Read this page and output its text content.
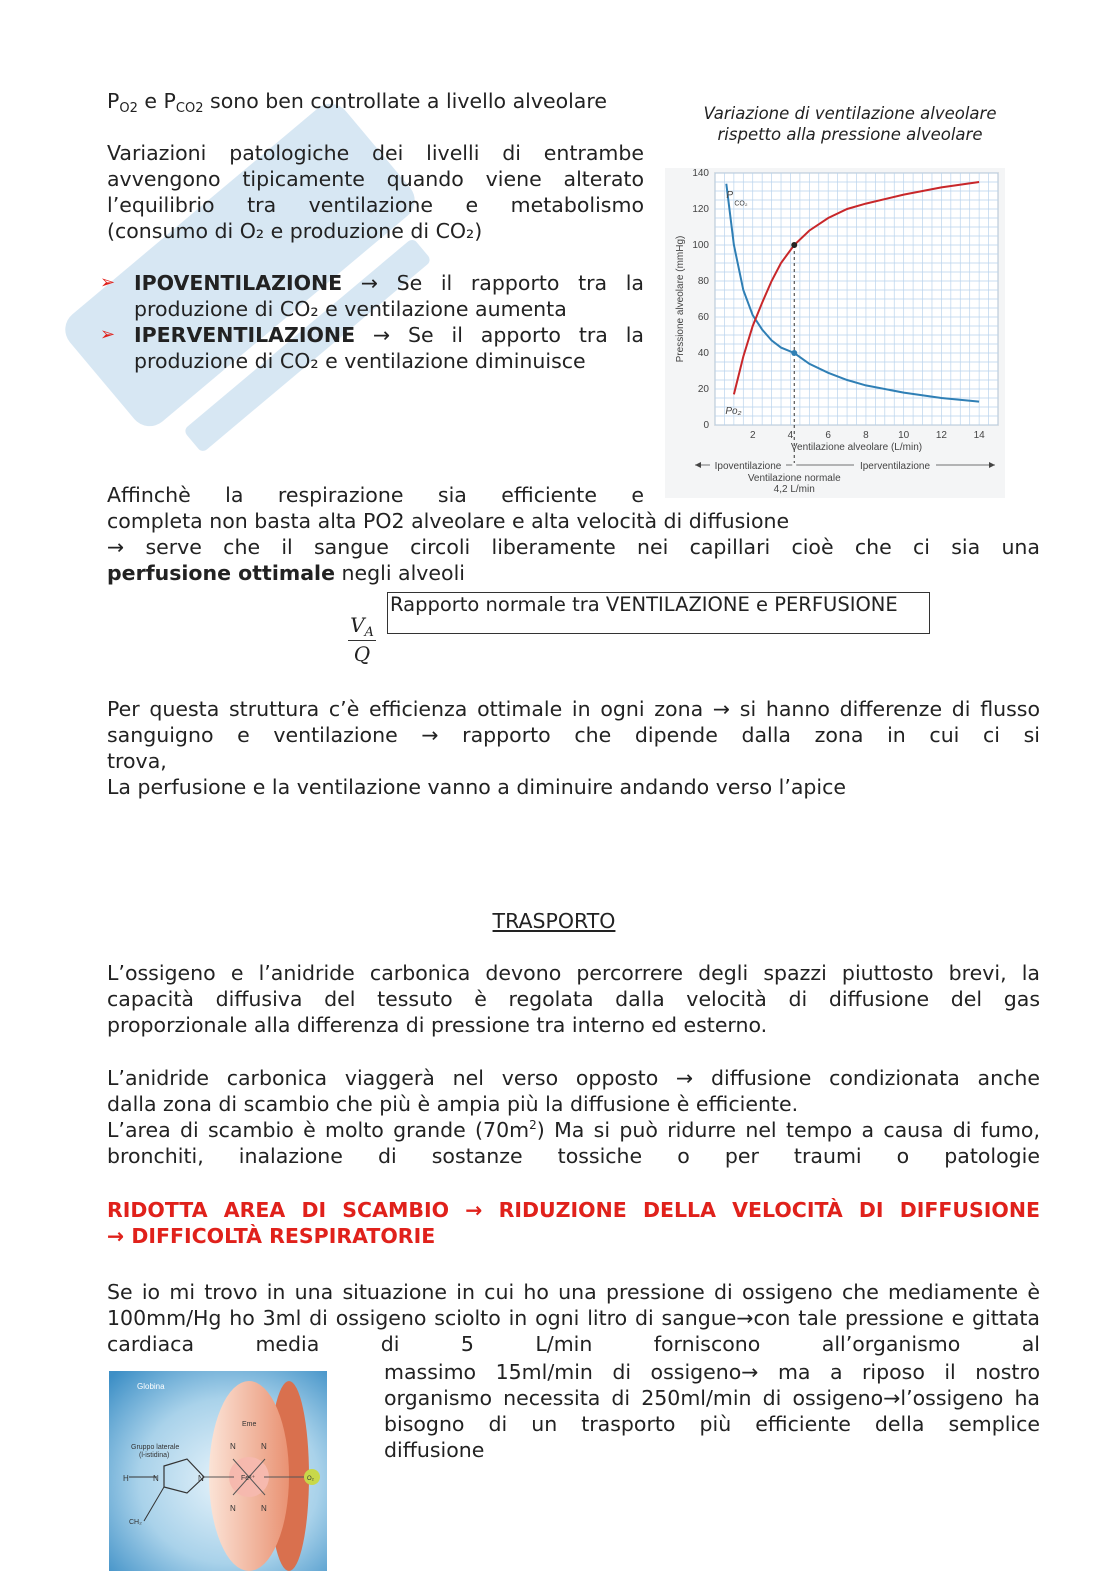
$P_{O2}$ e $P_{CO2}$ sono ben controllate a livello alveolare

Variazioni patologiche dei livelli di entrambe avvengono tipicamente quando viene alterato l’equilibrio tra ventilazione e metabolismo

(consumo di O₂ e produzione di CO₂)

➢ IPOVENTILAZIONE → Se il rapporto tra la

produzione di CO₂ e ventilazione aumenta

➢ IPERVENTILAZIONE → Se il apporto tra la

produzione di CO₂ e ventilazione diminuisce

Variazione di ventilazione alveolare rispetto alla pressione alveolare
0
20
40
60
80
100
120
140
2	4	6	8	10	12	14
Ventilazione alveolare (L/min)
Pressione alveolare (mmHg)
P
CO₂
Po₂
Ipoventilazione	Iperventilazione
Ventilazione normale
4,2 L/min

Affinchè la respirazione sia efficiente e

completa non basta alta PO2 alveolare e alta velocità di diffusione

→ serve che il sangue circoli liberamente nei capillari cioè che ci sia una

perfusione ottimale negli alveoli

$V_A$
Q
Rapporto normale tra VENTILAZIONE e PERFUSIONE

Per questa struttura c’è efficienza ottimale in ogni zona → si hanno differenze di flusso sanguigno e ventilazione → rapporto che dipende dalla zona in cui ci si

trova,

La perfusione e la ventilazione vanno a diminuire andando verso l’apice

TRASPORTO

L’ossigeno e l’anidride carbonica devono percorrere degli spazzi piuttosto brevi, la capacità diffusiva del tessuto è regolata dalla velocità di diffusione del gas

proporzionale alla differenza di pressione tra interno ed esterno.

L’anidride carbonica viaggerà nel verso opposto → diffusione condizionata anche

dalla zona di scambio che più è ampia più la diffusione è efficiente.

L’area di scambio è molto grande $(70m^2)$ Ma si può ridurre nel tempo a causa di fumo, bronchiti, inalazione di sostanze tossiche o per traumi o patologie

RIDOTTA AREA DI SCAMBIO → RIDUZIONE DELLA VELOCITÀ DI DIFFUSIONE

→ DIFFICOLTÀ RESPIRATORIE

Se io mi trovo in una situazione in cui ho una pressione di ossigeno che mediamente è 100mm/Hg ho 3ml di ossigeno sciolto in ogni litro di sangue→con tale pressione e gittata cardiaca media di 5 L/min forniscono all’organismo al

massimo 15ml/min di ossigeno→ ma a riposo il nostro organismo necessita di 250ml/min di ossigeno→l’ossigeno ha bisogno di un trasporto più efficiente della semplice

diffusione

Globina
Eme
Gruppo laterale
(l-istidina)
H	N	N
N	N
N	N
Fe²⁺	O₂
CH₂
